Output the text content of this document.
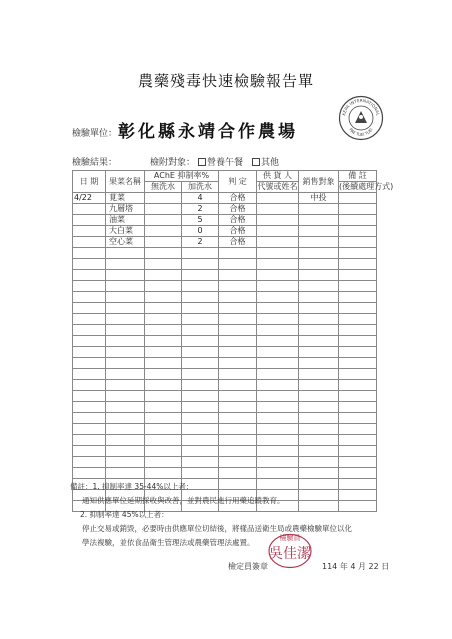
農藥殘毒快速檢驗報告單
檢驗單位： 彰化縣永靖合作農場
KEPA INTERNATIONAL
PAE TUEI TUEI
檢驗結果：	檢附對象：	營養午餐	其他
日 期	果菜名稱	AChE 抑制率%		判 定	供 貨 人	銷售對象	備 註
		無洗水	加洗水		代號或姓名		(後續處理方式)
4/22	莧菜		4	合格		中投	
	九層塔		2	合格			
	油菜		5	合格			
	大白菜		0	合格			
	空心菜		2	合格			

備註：1. 抑制率達 35-44%以上者：
通知供應單位延期採收與改善，並對農民進行用藥追蹤教育。
2. 抑制率達 45%以上者：
停止交易或銷毀，必要時由供應單位切結後，將樣品送衛生局或農藥檢驗單位以化
學法複驗，並依食品衛生管理法或農藥管理法處置。
檢定員簽章
檢驗員
吳佳潔
114 年 4 月 22 日
